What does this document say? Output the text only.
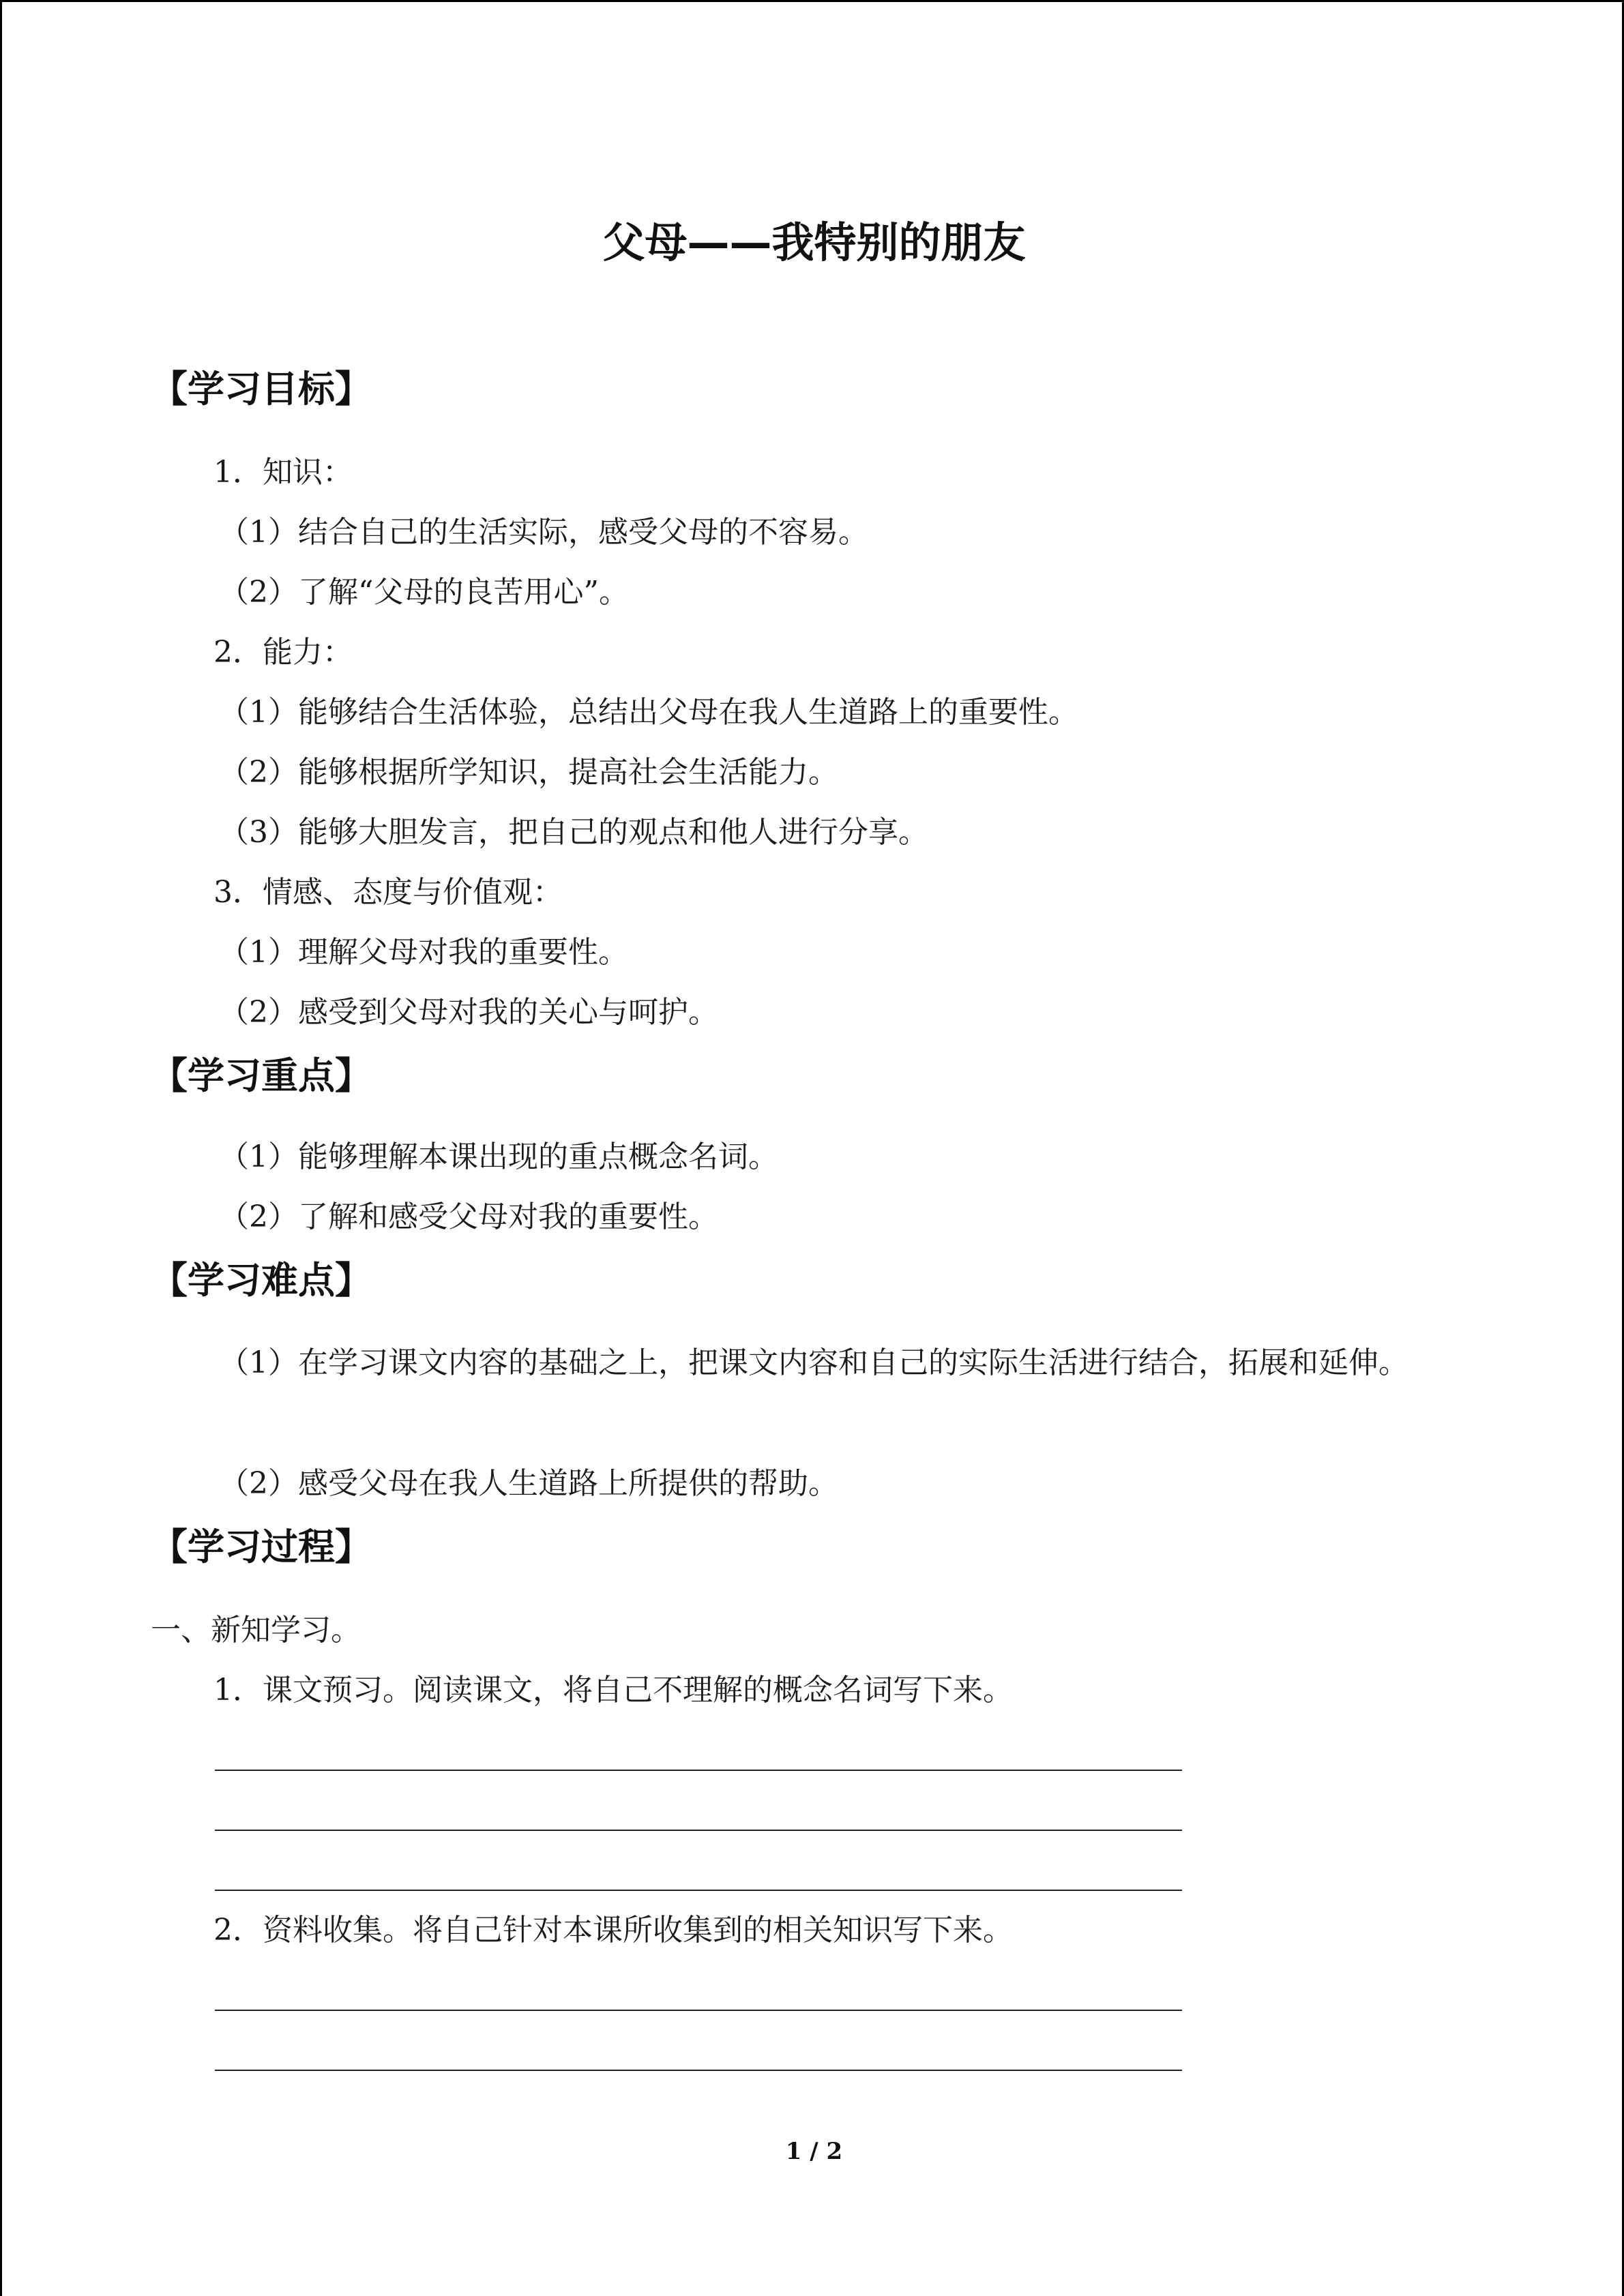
父母——我特别的朋友
【学习目标】
1．知识：
（1）结合自己的生活实际，感受父母的不容易。
（2）了解“父母的良苦用心”。
2．能力：
（1）能够结合生活体验，总结出父母在我人生道路上的重要性。
（2）能够根据所学知识，提高社会生活能力。
（3）能够大胆发言，把自己的观点和他人进行分享。
3．情感、态度与价值观：
（1）理解父母对我的重要性。
（2）感受到父母对我的关心与呵护。
【学习重点】
（1）能够理解本课出现的重点概念名词。
（2）了解和感受父母对我的重要性。
【学习难点】
（1）在学习课文内容的基础之上，把课文内容和自己的实际生活进行结合，拓展和延伸。
（2）感受父母在我人生道路上所提供的帮助。
【学习过程】
一、新知学习。
1．课文预习。阅读课文，将自己不理解的概念名词写下来。
2．资料收集。将自己针对本课所收集到的相关知识写下来。
1 / 2
